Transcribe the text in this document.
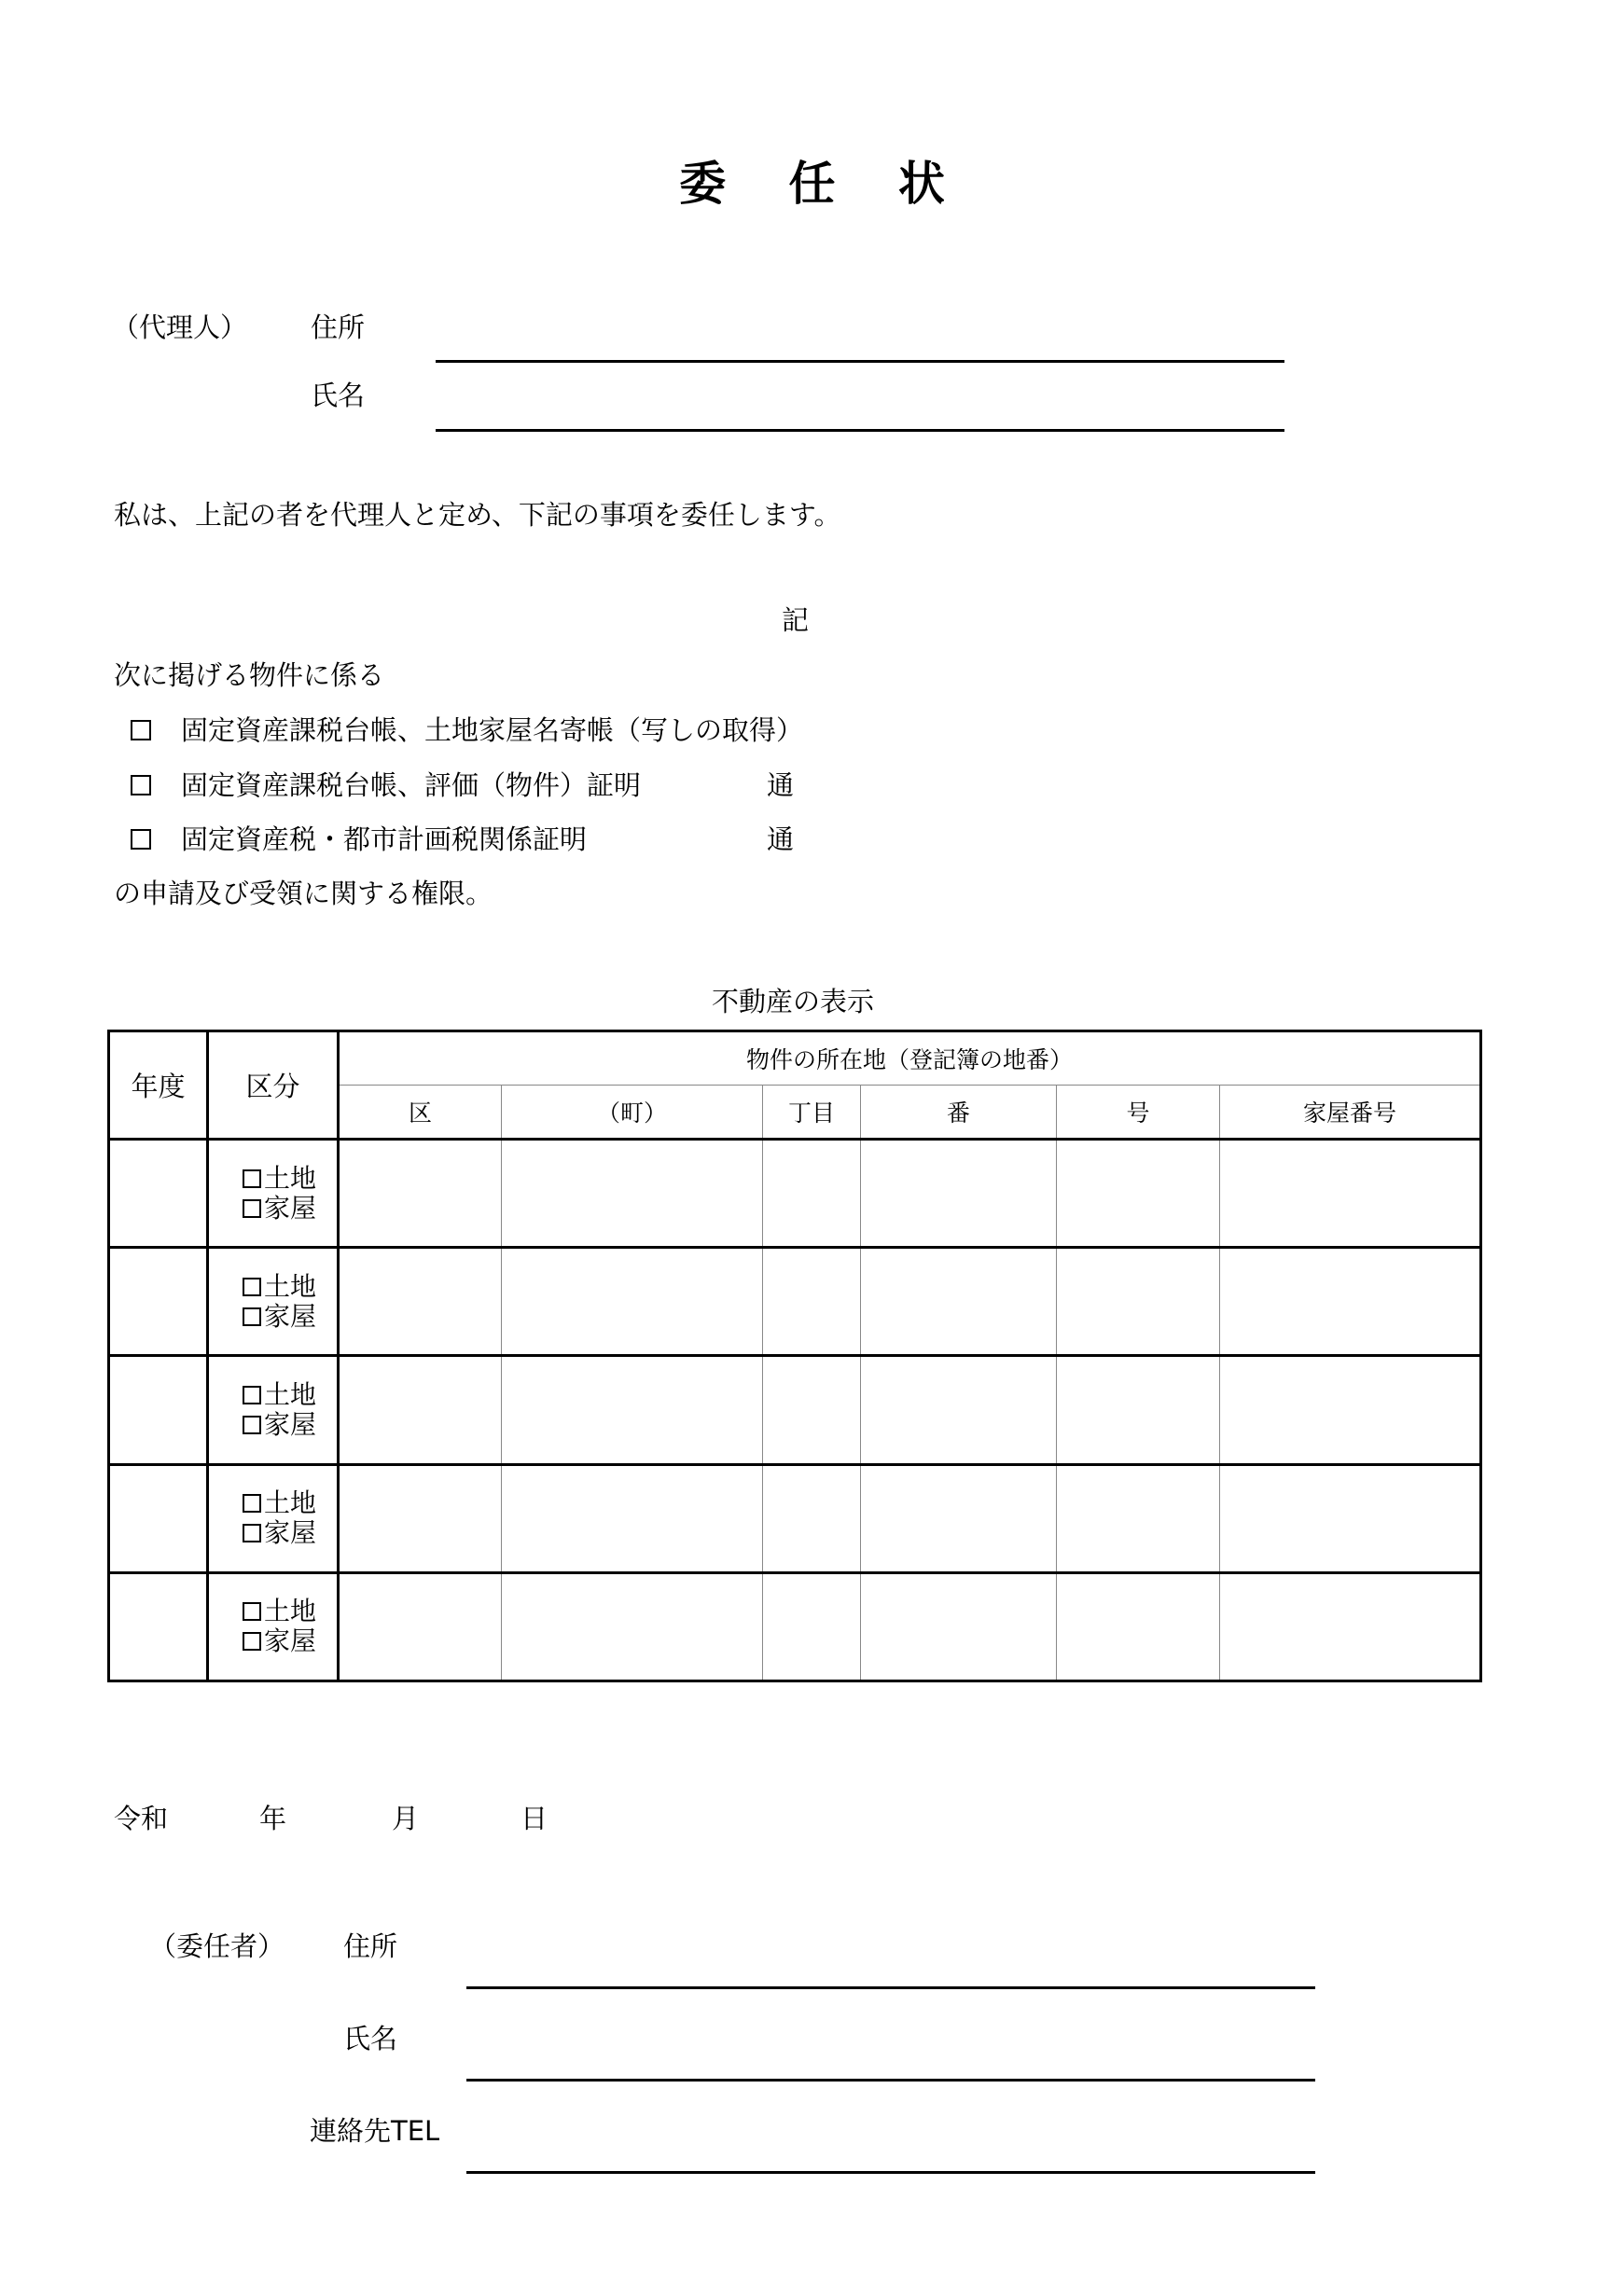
委 任 状
（代理人） 住所
氏名
私は、上記の者を代理人と定め、下記の事項を委任します。
記
次に掲げる物件に係る
固定資産課税台帳、土地家屋名寄帳（写しの取得）
固定資産課税台帳、評価（物件）証明	通
固定資産税・都市計画税関係証明	通
の申請及び受領に関する権限。
不動産の表示
年度	区分	物件の所在地（登記簿の地番）					
		区	（町）	丁目	番	号	家屋番号

	土地
家屋						

	土地
家屋						

	土地
家屋						

	土地
家屋						

	土地
家屋						

令和	年	月	日
（委任者） 住所
氏名
連絡先TEL
